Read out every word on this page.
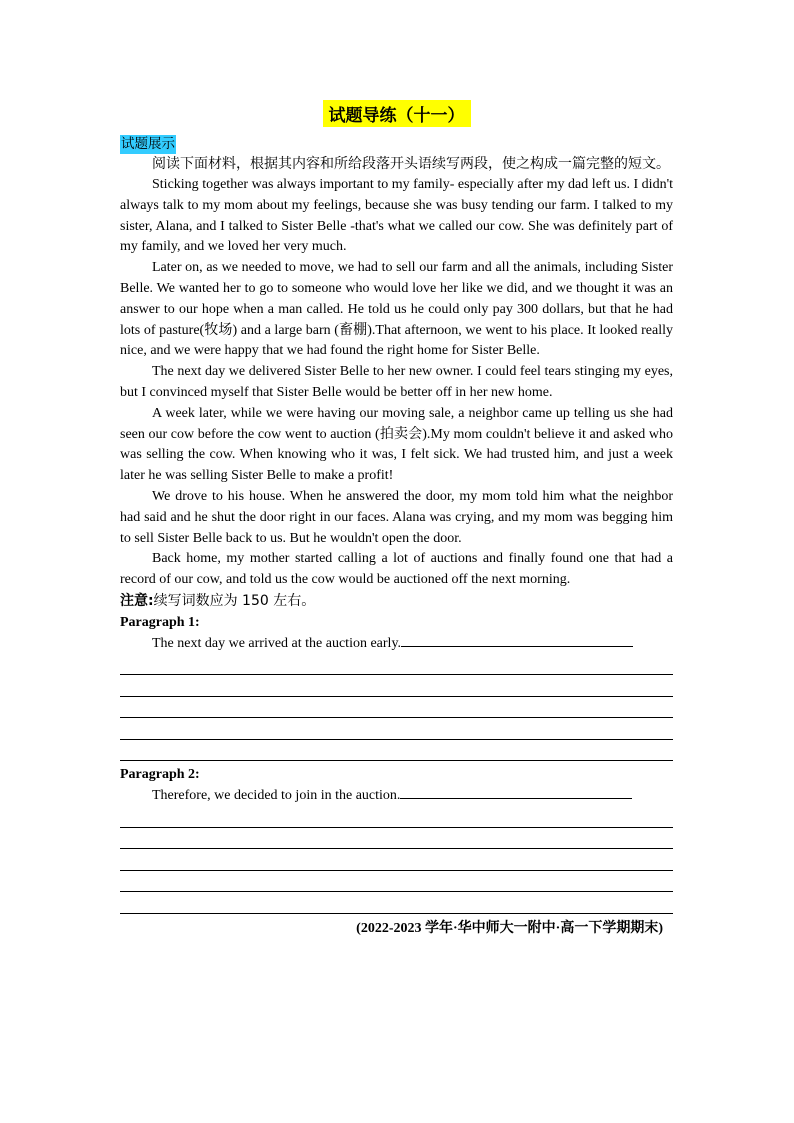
试题导练（十一）
试题展示

阅读下面材料，根据其内容和所给段落开头语续写两段，使之构成一篇完整的短文。

Sticking together was always important to my family- especially after my dad left us. I didn't always talk to my mom about my feelings, because she was busy tending our farm. I talked to my sister, Alana, and I talked to Sister Belle -that's what we called our cow. She was definitely part of my family, and we loved her very much.

Later on, as we needed to move, we had to sell our farm and all the animals, including Sister Belle. We wanted her to go to someone who would love her like we did, and we thought it was an answer to our hope when a man called. He told us he could only pay 300 dollars, but that he had lots of pasture(牧场) and a large barn (畜棚).That afternoon, we went to his place. It looked really nice, and we were happy that we had found the right home for Sister Belle.

The next day we delivered Sister Belle to her new owner. I could feel tears stinging my eyes, but I convinced myself that Sister Belle would be better off in her new home.

A week later, while we were having our moving sale, a neighbor came up telling us she had seen our cow before the cow went to auction (拍卖会).My mom couldn't believe it and asked who was selling the cow. When knowing who it was, I felt sick. We had trusted him, and just a week later he was selling Sister Belle to make a profit!

We drove to his house. When he answered the door, my mom told him what the neighbor had said and he shut the door right in our faces. Alana was crying, and my mom was begging him to sell Sister Belle back to us. But he wouldn't open the door.

Back home, my mother started calling a lot of auctions and finally found one that had a record of our cow, and told us the cow would be auctioned off the next morning.

注意:续写词数应为 150 左右。
Paragraph 1:
The next day we arrived at the auction early.
Paragraph 2:
Therefore, we decided to join in the auction.
(2022-2023 学年·华中师大一附中·高一下学期期末)
